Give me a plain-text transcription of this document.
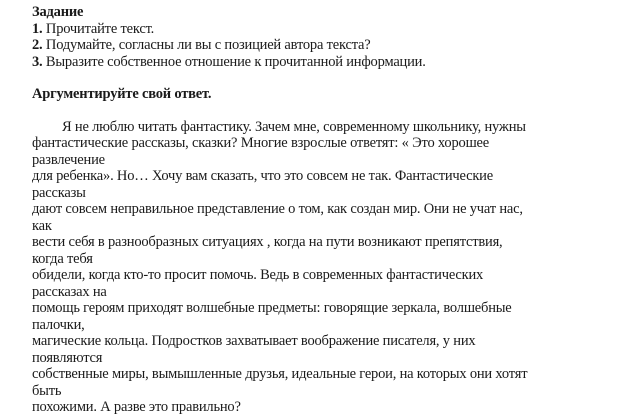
Задание
1. Прочитайте текст.
2. Подумайте, согласны ли вы с позицией автора текста?
3. Выразите собственное отношение к прочитанной информации.
Аргументируйте свой ответ.
Я не люблю читать фантастику. Зачем мне, современному школьнику, нужны
фантастические рассказы, сказки? Многие взрослые ответят: « Это хорошее
развлечение
для ребенка». Но… Хочу вам сказать, что это совсем не так. Фантастические
рассказы
дают совсем неправильное представление о том, как создан мир. Они не учат нас,
как
вести себя в разнообразных ситуациях , когда на пути возникают препятствия,
когда тебя
обидели, когда кто-то просит помочь. Ведь в современных фантастических
рассказах на
помощь героям приходят волшебные предметы: говорящие зеркала, волшебные
палочки,
магические кольца. Подростков захватывает воображение писателя, у них
появляются
собственные миры, вымышленные друзья, идеальные герои, на которых они хотят
быть
похожими. А разве это правильно?
